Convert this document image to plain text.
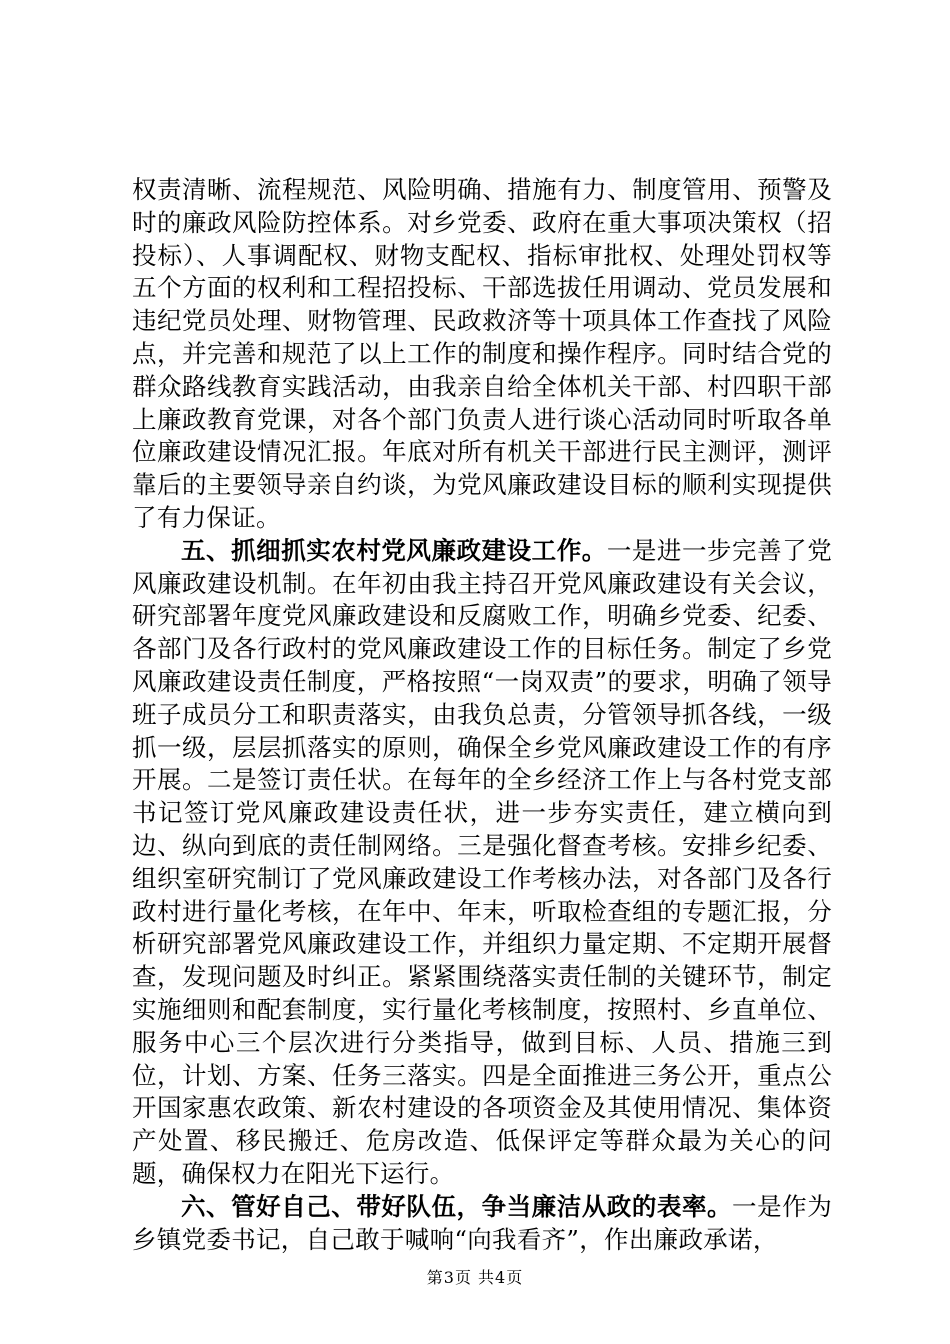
权责清晰、流程规范、风险明确、措施有力、制度管用、预警及时的廉政风险防控体系。对乡党委、政府在重大事项决策权（招投标）、人事调配权、财物支配权、指标审批权、处理处罚权等五个方面的权利和工程招投标、干部选拔任用调动、党员发展和违纪党员处理、财物管理、民政救济等十项具体工作查找了风险点，并完善和规范了以上工作的制度和操作程序。同时结合党的群众路线教育实践活动，由我亲自给全体机关干部、村四职干部上廉政教育党课，对各个部门负责人进行谈心活动同时听取各单位廉政建设情况汇报。年底对所有机关干部进行民主测评，测评靠后的主要领导亲自约谈，为党风廉政建设目标的顺利实现提供了有力保证。

五、抓细抓实农村党风廉政建设工作。一是进一步完善了党风廉政建设机制。在年初由我主持召开党风廉政建设有关会议，研究部署年度党风廉政建设和反腐败工作，明确乡党委、纪委、各部门及各行政村的党风廉政建设工作的目标任务。制定了乡党风廉政建设责任制度，严格按照“一岗双责”的要求，明确了领导班子成员分工和职责落实，由我负总责，分管领导抓各线，一级抓一级，层层抓落实的原则，确保全乡党风廉政建设工作的有序开展。二是签订责任状。在每年的全乡经济工作上与各村党支部书记签订党风廉政建设责任状，进一步夯实责任，建立横向到边、纵向到底的责任制网络。三是强化督查考核。安排乡纪委、组织室研究制订了党风廉政建设工作考核办法，对各部门及各行政村进行量化考核，在年中、年末，听取检查组的专题汇报，分析研究部署党风廉政建设工作，并组织力量定期、不定期开展督查，发现问题及时纠正。紧紧围绕落实责任制的关键环节，制定实施细则和配套制度，实行量化考核制度，按照村、乡直单位、服务中心三个层次进行分类指导，做到目标、人员、措施三到位，计划、方案、任务三落实。四是全面推进三务公开，重点公开国家惠农政策、新农村建设的各项资金及其使用情况、集体资产处置、移民搬迁、危房改造、低保评定等群众最为关心的问题，确保权力在阳光下运行。

六、管好自己、带好队伍，争当廉洁从政的表率。一是作为乡镇党委书记，自己敢于喊响“向我看齐”，作出廉政承诺，

第3页 共4页
